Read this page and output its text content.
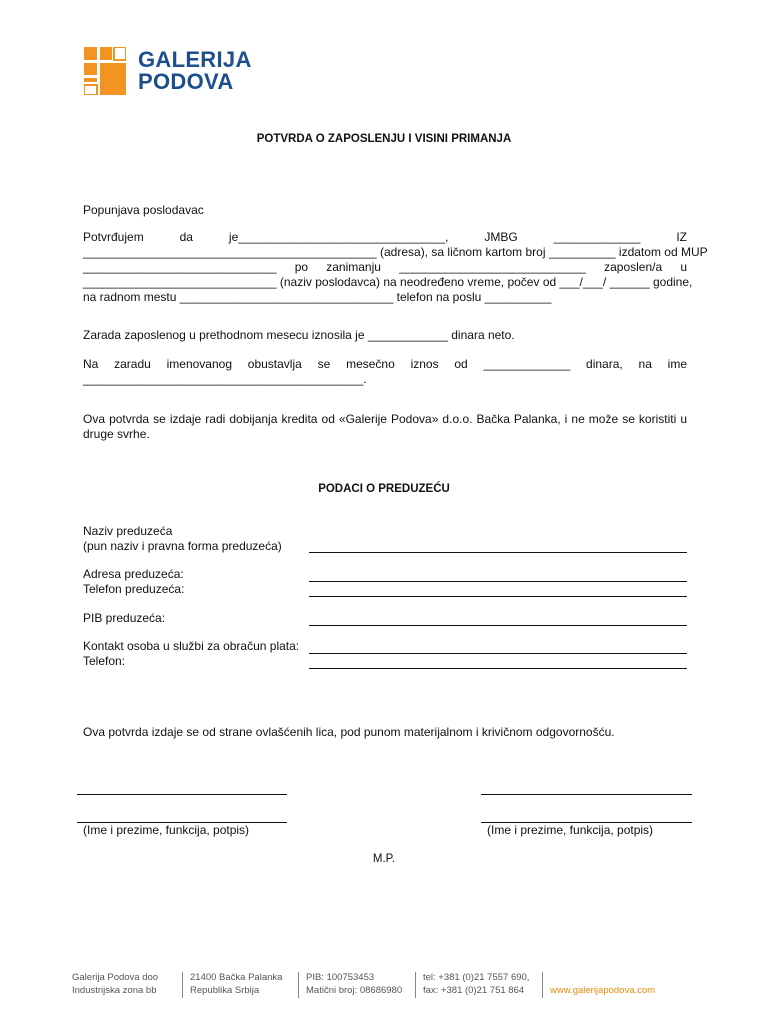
GALERIJA
PODOVA
POTVRDA O ZAPOSLENJU I VISINI PRIMANJA
Popunjava poslodavac
Potvrđujem	da	je_______________________________,	JMBG	_____________	IZ
____________________________________________ (adresa), sa ličnom kartom broj __________ izdatom od MUP
_____________________________ po zanimanju ____________________________ zaposlen/a u
_____________________________ (naziv poslodavca) na neodređeno vreme, počev od ___/___/ ______ godine,
na radnom mestu ________________________________ telefon na poslu __________
Zarada zaposlenog u prethodnom mesecu iznosila je ____________ dinara neto.
Na zaradu imenovanog obustavlja se mesečno iznos od _____________ dinara, na ime
__________________________________________.
Ova potvrda se izdaje radi dobijanja kredita od «Galerije Podova» d.o.o. Bačka Palanka, i ne može se koristiti u druge svrhe.
PODACI O PREDUZEĆU
Naziv preduzeća
(pun naziv i pravna forma preduzeća)
Adresa preduzeća:
Telefon preduzeća:
PIB preduzeća:
Kontakt osoba u službi za obračun plata:
Telefon:
Ova potvrda izdaje se od strane ovlašćenih lica, pod punom materijalnom i krivičnom odgovornošću.
(Ime i prezime, funkcija, potpis)	(Ime i prezime, funkcija, potpis)
M.P.
Galerija Podova doo
Industrijska zona bb
21400 Bačka Palanka
Republika Srbija
PIB: 100753453
Matični broj: 08686980
tel: +381 (0)21 7557 690,
fax: +381 (0)21 751 864	www.galerijapodova.com
